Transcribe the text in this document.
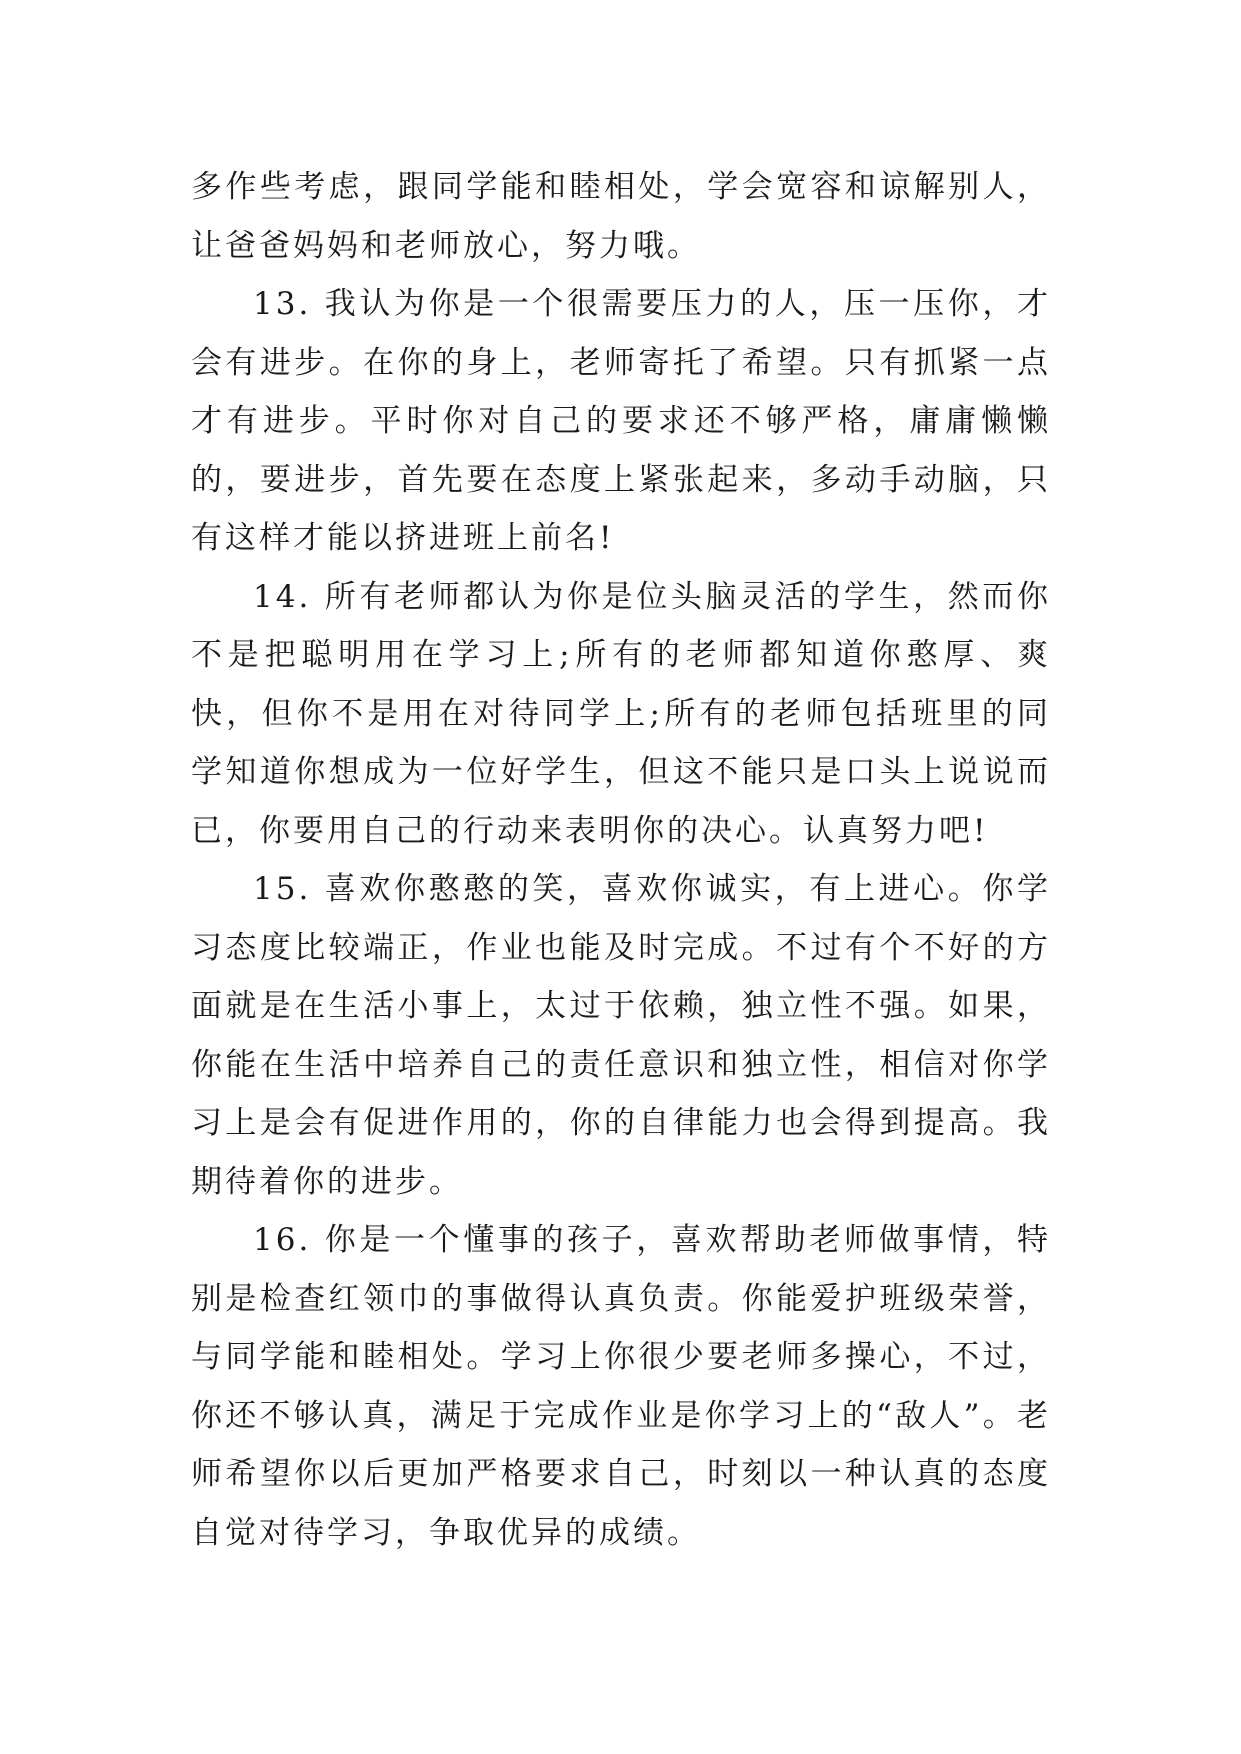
多作些考虑，跟同学能和睦相处，学会宽容和谅解别人，让爸爸妈妈和老师放心，努力哦。

13. 我认为你是一个很需要压力的人，压一压你，才会有进步。在你的身上，老师寄托了希望。只有抓紧一点才有进步。平时你对自己的要求还不够严格，庸庸懒懒的，要进步，首先要在态度上紧张起来，多动手动脑，只有这样才能以挤进班上前名!

14. 所有老师都认为你是位头脑灵活的学生，然而你不是把聪明用在学习上;所有的老师都知道你憨厚、爽快，但你不是用在对待同学上;所有的老师包括班里的同学知道你想成为一位好学生，但这不能只是口头上说说而已，你要用自己的行动来表明你的决心。认真努力吧!

15. 喜欢你憨憨的笑，喜欢你诚实，有上进心。你学习态度比较端正，作业也能及时完成。不过有个不好的方面就是在生活小事上，太过于依赖，独立性不强。如果，你能在生活中培养自己的责任意识和独立性，相信对你学习上是会有促进作用的，你的自律能力也会得到提高。我期待着你的进步。

16. 你是一个懂事的孩子，喜欢帮助老师做事情，特别是检查红领巾的事做得认真负责。你能爱护班级荣誉，与同学能和睦相处。学习上你很少要老师多操心，不过，你还不够认真，满足于完成作业是你学习上的“敌人”。老师希望你以后更加严格要求自己，时刻以一种认真的态度自觉对待学习，争取优异的成绩。
